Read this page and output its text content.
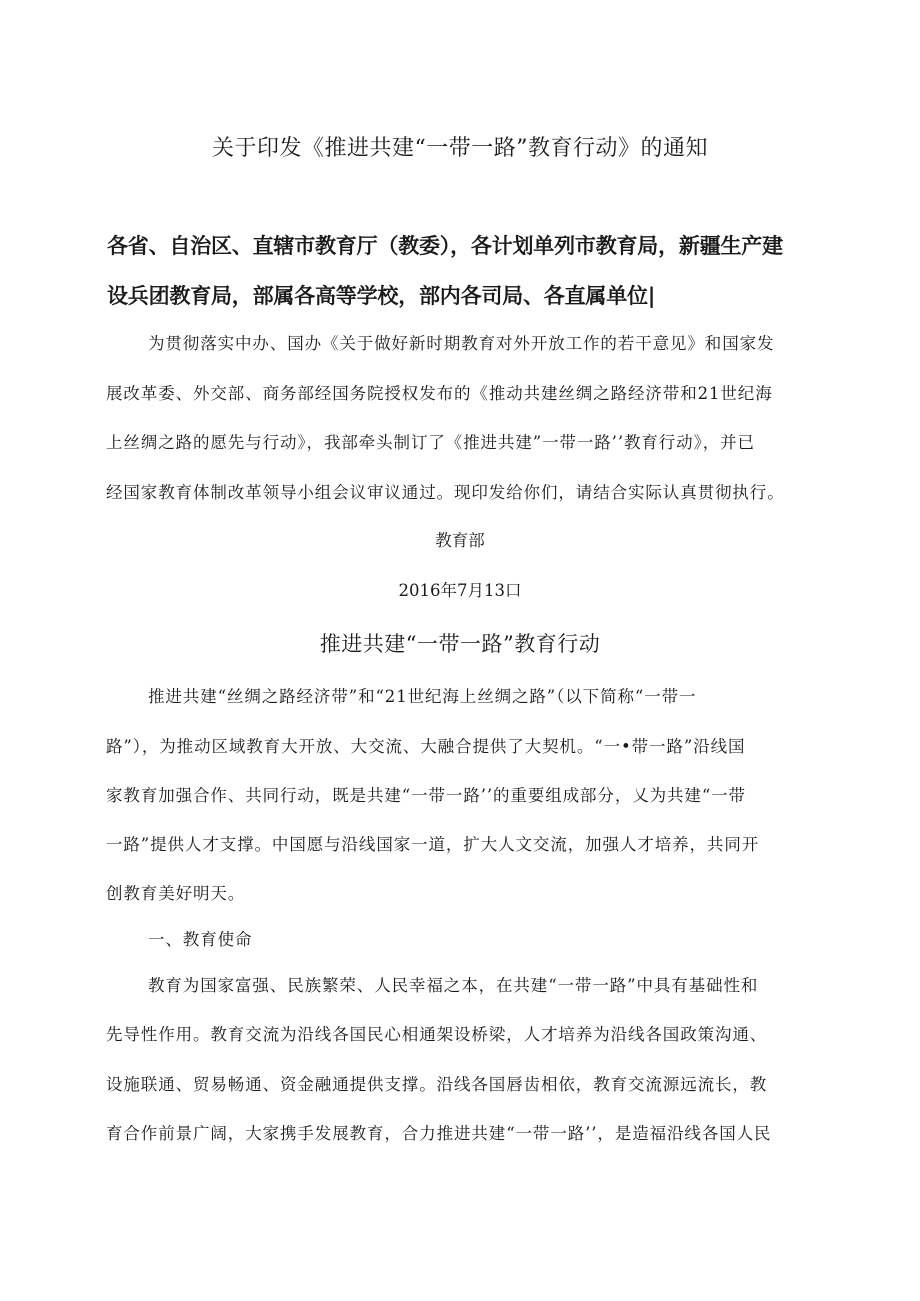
关于印发《推进共建“一带一路”教育行动》的通知
各省、自治区、直辖市教育厅（教委），各计划单列市教育局，新疆生产建
设兵团教育局，部属各高等学校，部内各司局、各直属单位|
为贯彻落实中办、国办《关于做好新时期教育对外开放工作的若干意见》和国家发
展改革委、外交部、商务部经国务院授权发布的《推动共建丝绸之路经济带和21世纪海
上丝绸之路的愿先与行动》，我部牵头制订了《推进共建”一带一路’’教育行动》，并已
经国家教育体制改革领导小组会议审议通过。现印发给你们，请结合实际认真贯彻执行。
教育部
2016年7月13口
推进共建“一带一路”教育行动
推进共建“丝绸之路经济带”和“21世纪海上丝绸之路”（以下简称“一带一
路”），为推动区域教育大开放、大交流、大融合提供了大契机。“一•带一路”沿线国
家教育加强合作、共同行动，既是共建“一带一路’’的重要组成部分，乂为共建“一带
一路”提供人才支撑。中国愿与沿线国家一道，扩大人文交流，加强人才培养，共同开
创教育美好明天。
一、教育使命
教育为国家富强、民族繁荣、人民幸福之本，在共建“一带一路”中具有基础性和
先导性作用。教育交流为沿线各国民心相通架设桥梁，人才培养为沿线各国政策沟通、
设施联通、贸易畅通、资金融通提供支撑。沿线各国唇齿相依，教育交流源远流长，教
育合作前景广阔，大家携手发展教育，合力推进共建“一带一路’’，是造福沿线各国人民
